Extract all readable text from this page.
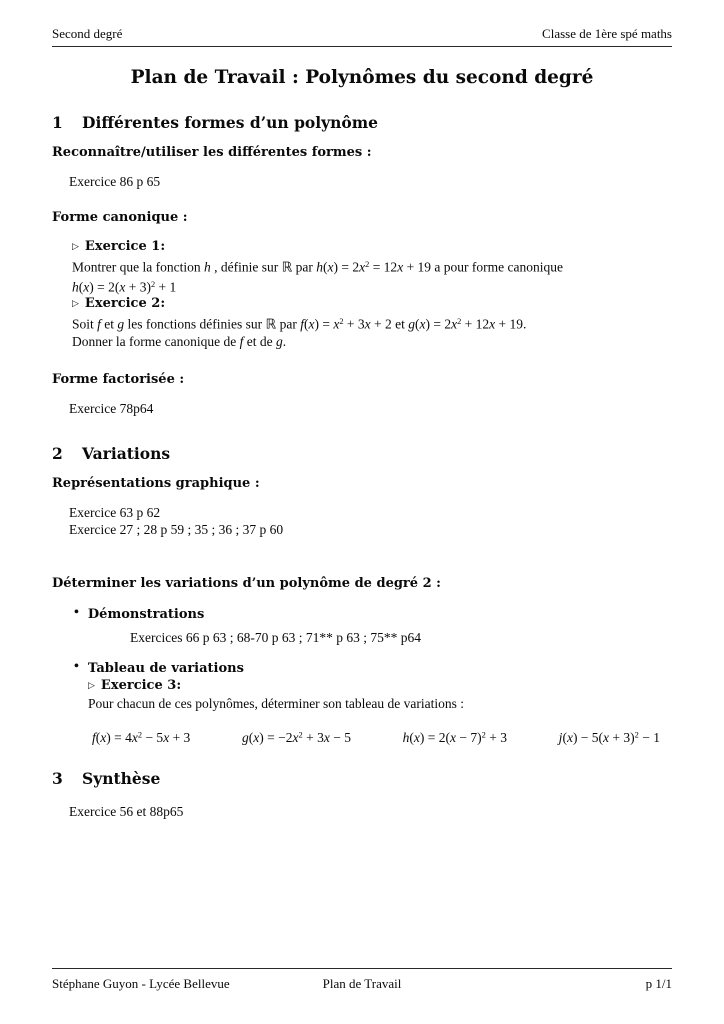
Second degré	Classe de 1ère spé maths
Plan de Travail : Polynômes du second degré
1	Différentes formes d’un polynôme
Reconnaître/utiliser les différentes formes :
Exercice 86 p 65
Forme canonique :
▷ Exercice 1:
Montrer que la fonction h , définie sur ℝ par $h(x) = 2x^2 = 12x + 19$ a pour forme canonique
$h(x) = 2(x + 3)^2 + 1$
▷ Exercice 2:
Soit f et g les fonctions définies sur ℝ par $f(x) = x^2 + 3x + 2$ et $g(x) = 2x^2 + 12x + 19$.
Donner la forme canonique de f et de g.
Forme factorisée :
Exercice 78p64
2	Variations
Représentations graphique :
Exercice 63 p 62
Exercice 27 ; 28 p 59 ; 35 ; 36 ; 37 p 60
Déterminer les variations d’un polynôme de degré 2 :
• Démonstrations
Exercices 66 p 63 ; 68-70 p 63 ; 71** p 63 ; 75** p64
• Tableau de variations
▷ Exercice 3:
Pour chacun de ces polynômes, déterminer son tableau de variations :
$f(x) = 4x^2 - 5x + 3$	$g(x) = -2x^2 + 3x - 5$	$h(x) = 2(x - 7)^2 + 3$	$j(x) - 5(x + 3)^2 - 1$
3	Synthèse
Exercice 56 et 88p65
Stéphane Guyon - Lycée Bellevue	Plan de Travail	p 1/1
